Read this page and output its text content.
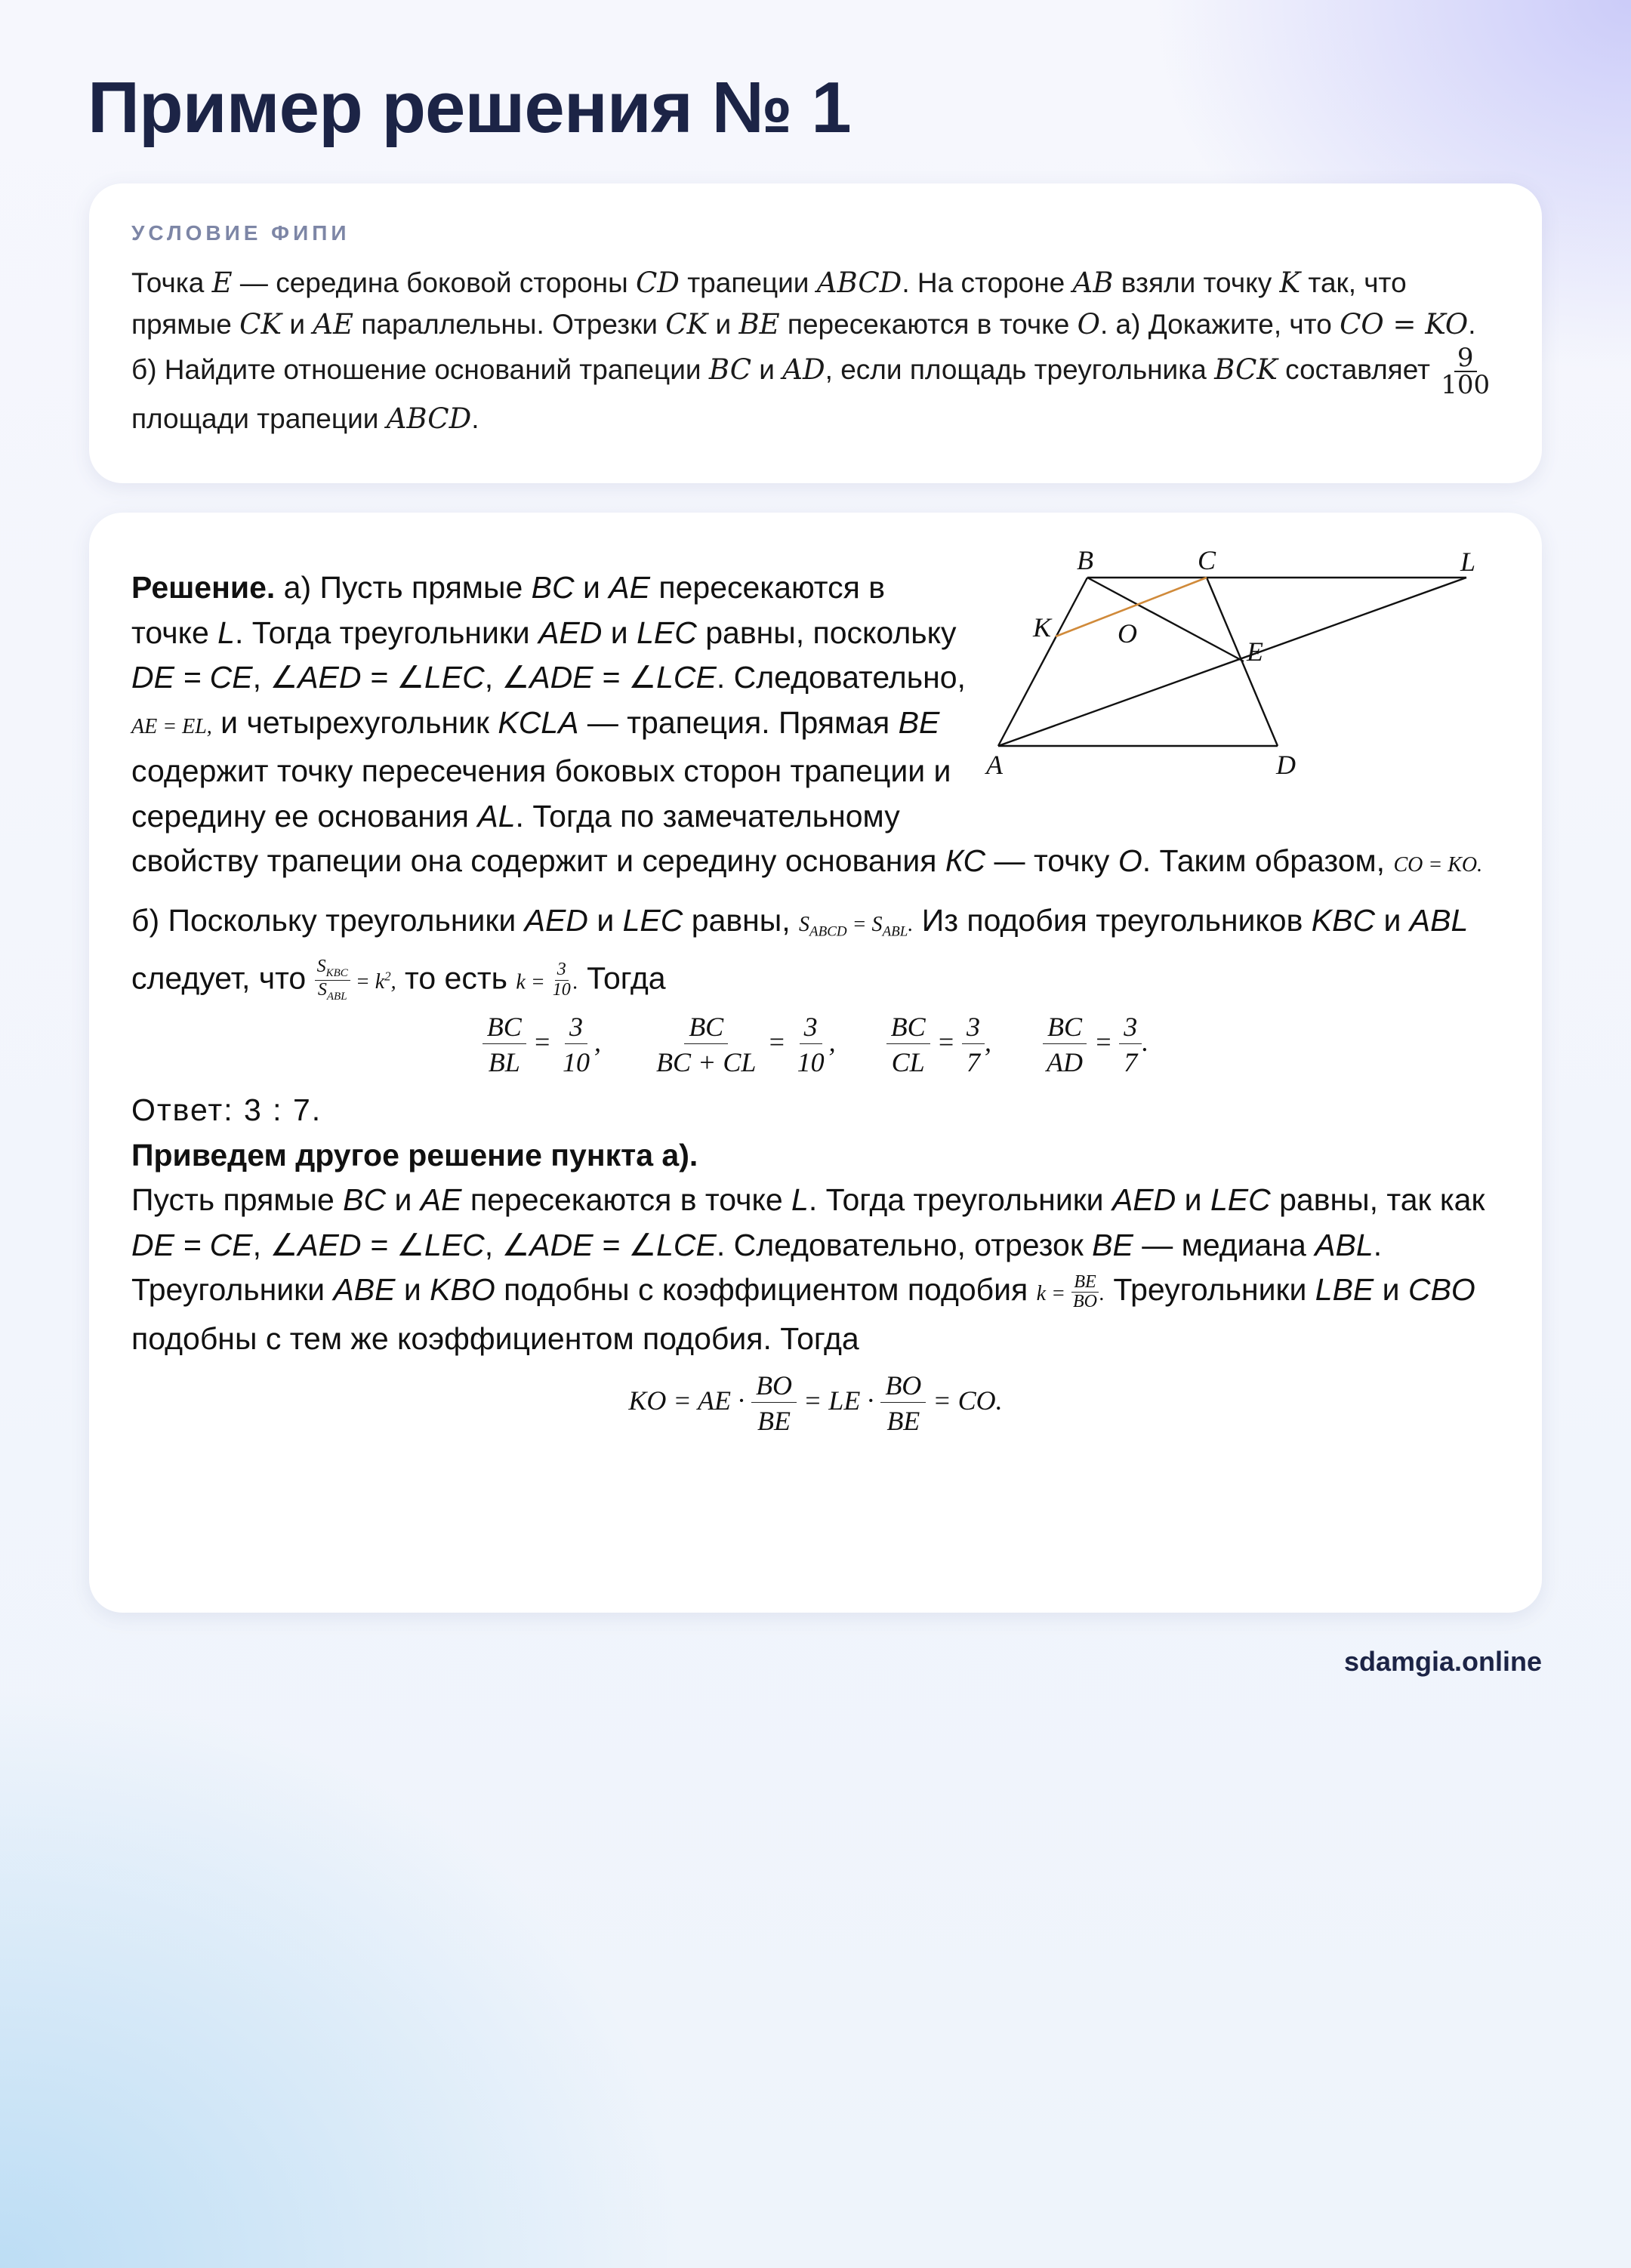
Пример решения № 1
УСЛОВИЕ ФИПИ

Точка E — середина боковой стороны CD трапеции ABCD. На стороне AB взяли точку K так, что прямые CK и AE параллельны. Отрезки CK и BE пересекаются в точке O. а) Докажите, что CO = KO.
б) Найдите отношение оснований трапеции BC и AD, если площадь треугольника BCK составляет $\frac{9}{100}$

площади трапеции ABCD.

B	C	L
K O
E
A	D

Решение. а) Пусть прямые BC и AE пересекаются в точке L. Тогда треугольники AED и LEC равны, поскольку DE = CE, ∠AED = ∠LEC, ∠ADE = ∠LCE. Следовательно, AE = EL, и четырехугольник KCLA — трапеция. Прямая BE содержит точку пересечения боковых сторон трапеции и середину ее основания AL. Тогда по замечательному свойству трапеции она содержит и середину основания КС — точку O. Таким образом, CO = KO.

б) Поскольку треугольники AED и LEC равны, $S_{ABCD} = S_{ABL}$. Из подобия треугольников KBC и ABL следует, что $\frac{S_{KBC}}{S_{ABL}} = k^2$, то есть $k = \frac{3}{10}$ . Тогда

$\frac{BC}{BL} = \frac{3}{10}$ , $\frac{BC}{BC + CL} = \frac{3}{10}$ , $\frac{BC}{CL} = \frac{3}{7}$ , $\frac{BC}{AD} = \frac{3}{7}$ .

Ответ: 3 : 7.

Приведем другое решение пункта а).

Пусть прямые BC и AE пересекаются в точке L. Тогда треугольники AED и LEC равны, так как DE = CE, ∠AED = ∠LEC, ∠ADE = ∠LCE. Следовательно, отрезок BE — медиана ABL. Треугольники ABE и KBO подобны с коэффициентом подобия $k = \frac{BE}{BO}$ . Треугольники LBE и CBO подобны с тем же коэффициентом подобия. Тогда

KO = AE · $\frac{BO}{BE}$ = LE · $\frac{BO}{BE}$ = CO.
sdamgia.online
